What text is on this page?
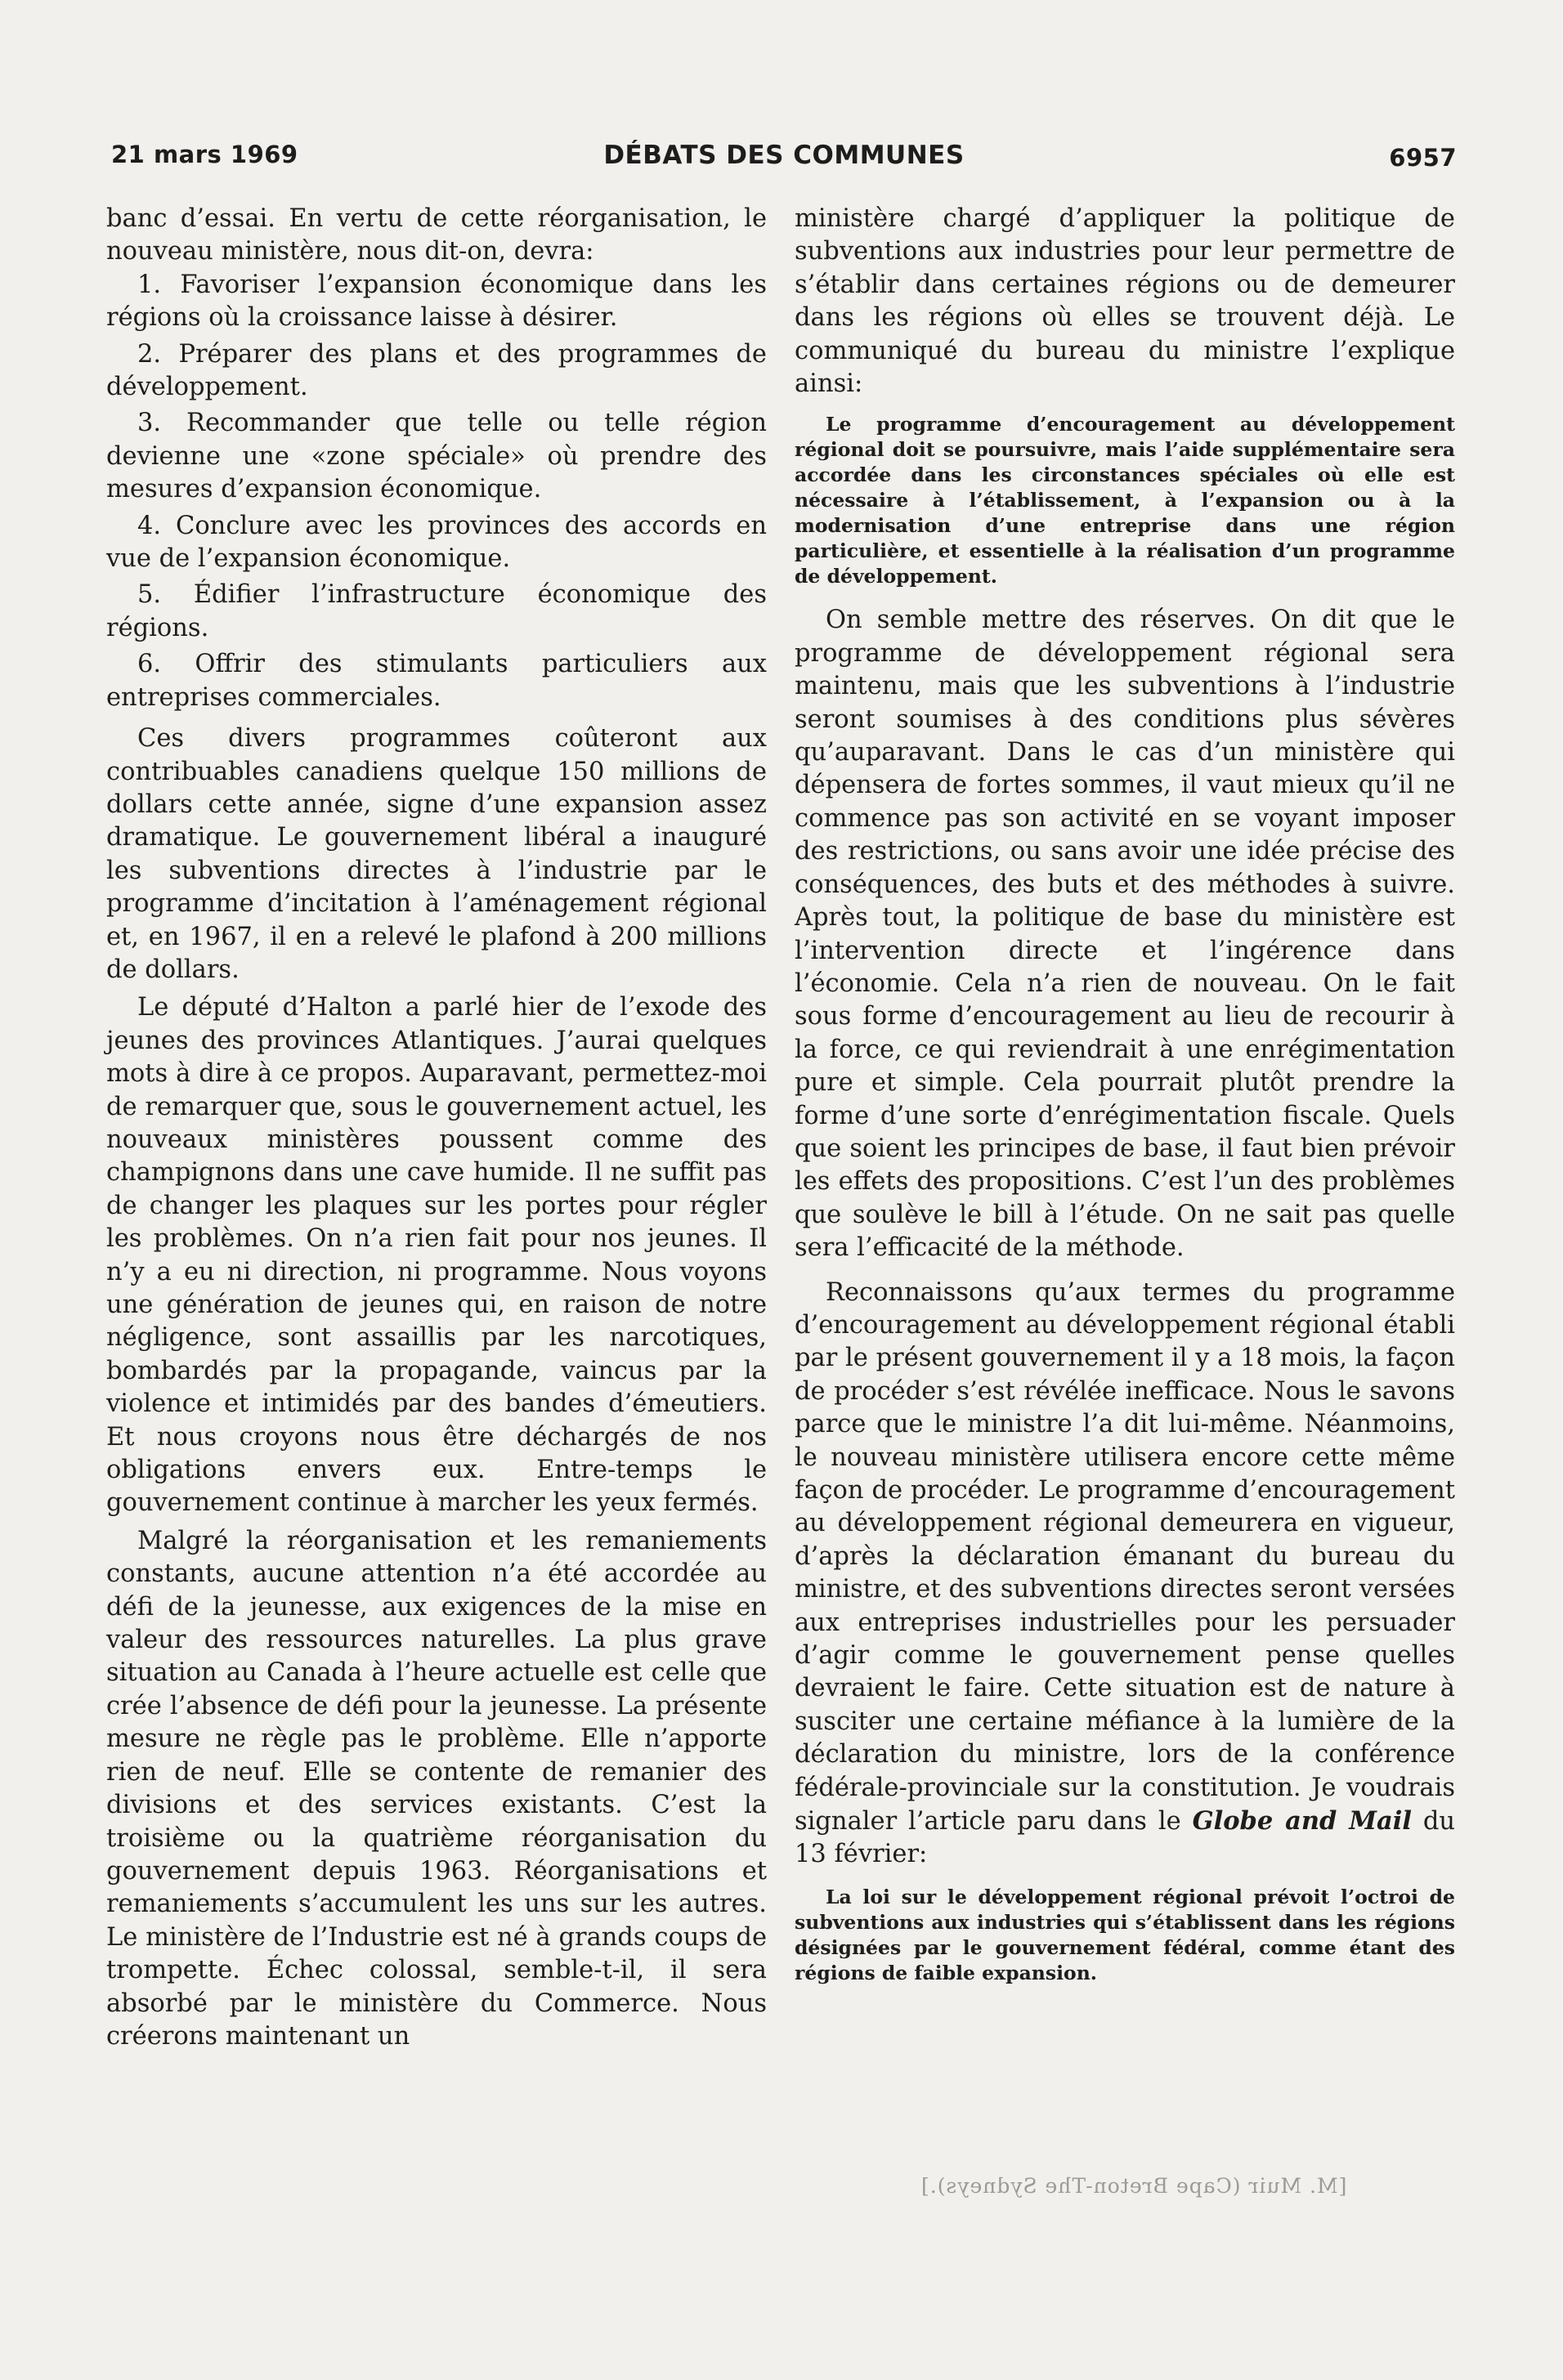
21 mars 1969	DÉBATS DES COMMUNES	6957

banc d’essai. En vertu de cette réorganisation, le nouveau ministère, nous dit-on, devra:

1. Favoriser l’expansion économique dans les régions où la croissance laisse à désirer.

2. Préparer des plans et des programmes de développement.

3. Recommander que telle ou telle région devienne une «zone spéciale» où prendre des mesures d’expansion économique.

4. Conclure avec les provinces des accords en vue de l’expansion économique.

5. Édifier l’infrastructure économique des régions.

6. Offrir des stimulants particuliers aux entreprises commerciales.

Ces divers programmes coûteront aux contribuables canadiens quelque 150 millions de dollars cette année, signe d’une expansion assez dramatique. Le gouvernement libéral a inauguré les subventions directes à l’industrie par le programme d’incitation à l’aménagement régional et, en 1967, il en a relevé le plafond à 200 millions de dollars.

Le député d’Halton a parlé hier de l’exode des jeunes des provinces Atlantiques. J’aurai quelques mots à dire à ce propos. Auparavant, permettez-moi de remarquer que, sous le gouvernement actuel, les nouveaux ministères poussent comme des champignons dans une cave humide. Il ne suffit pas de changer les plaques sur les portes pour régler les problèmes. On n’a rien fait pour nos jeunes. Il n’y a eu ni direction, ni programme. Nous voyons une génération de jeunes qui, en raison de notre négligence, sont assaillis par les narcotiques, bombardés par la propagande, vaincus par la violence et intimidés par des bandes d’émeutiers. Et nous croyons nous être déchargés de nos obligations envers eux. Entre-temps le gouvernement continue à marcher les yeux fermés.

Malgré la réorganisation et les remaniements constants, aucune attention n’a été accordée au défi de la jeunesse, aux exigences de la mise en valeur des ressources naturelles. La plus grave situation au Canada à l’heure actuelle est celle que crée l’absence de défi pour la jeunesse. La présente mesure ne règle pas le problème. Elle n’apporte rien de neuf. Elle se contente de remanier des divisions et des services existants. C’est la troisième ou la quatrième réorganisation du gouvernement depuis 1963. Réorganisations et remaniements s’accumulent les uns sur les autres. Le ministère de l’Industrie est né à grands coups de trompette. Échec colossal, semble-t-il, il sera absorbé par le ministère du Commerce. Nous créerons maintenant un

ministère chargé d’appliquer la politique de subventions aux industries pour leur permettre de s’établir dans certaines régions ou de demeurer dans les régions où elles se trouvent déjà. Le communiqué du bureau du ministre l’explique ainsi:

Le programme d’encouragement au développement régional doit se poursuivre, mais l’aide supplémentaire sera accordée dans les circonstances spéciales où elle est nécessaire à l’établissement, à l’expansion ou à la modernisation d’une entreprise dans une région particulière, et essentielle à la réalisation d’un programme de développement.

On semble mettre des réserves. On dit que le programme de développement régional sera maintenu, mais que les subventions à l’industrie seront soumises à des conditions plus sévères qu’auparavant. Dans le cas d’un ministère qui dépensera de fortes sommes, il vaut mieux qu’il ne commence pas son activité en se voyant imposer des restrictions, ou sans avoir une idée précise des conséquences, des buts et des méthodes à suivre. Après tout, la politique de base du ministère est l’intervention directe et l’ingérence dans l’économie. Cela n’a rien de nouveau. On le fait sous forme d’encouragement au lieu de recourir à la force, ce qui reviendrait à une enrégimentation pure et simple. Cela pourrait plutôt prendre la forme d’une sorte d’enrégimentation fiscale. Quels que soient les principes de base, il faut bien prévoir les effets des propositions. C’est l’un des problèmes que soulève le bill à l’étude. On ne sait pas quelle sera l’efficacité de la méthode.

Reconnaissons qu’aux termes du programme d’encouragement au développement régional établi par le présent gouvernement il y a 18 mois, la façon de procéder s’est révélée inefficace. Nous le savons parce que le ministre l’a dit lui-même. Néanmoins, le nouveau ministère utilisera encore cette même façon de procéder. Le programme d’encouragement au développement régional demeurera en vigueur, d’après la déclaration émanant du bureau du ministre, et des subventions directes seront versées aux entreprises industrielles pour les persuader d’agir comme le gouvernement pense quelles devraient le faire. Cette situation est de nature à susciter une certaine méfiance à la lumière de la déclaration du ministre, lors de la conférence fédérale-provinciale sur la constitution. Je voudrais signaler l’article paru dans le Globe and Mail du 13 février:

La loi sur le développement régional prévoit l’octroi de subventions aux industries qui s’établissent dans les régions désignées par le gouvernement fédéral, comme étant des régions de faible expansion.

[M. Muir (Cape Breton-The Sydneys).]
